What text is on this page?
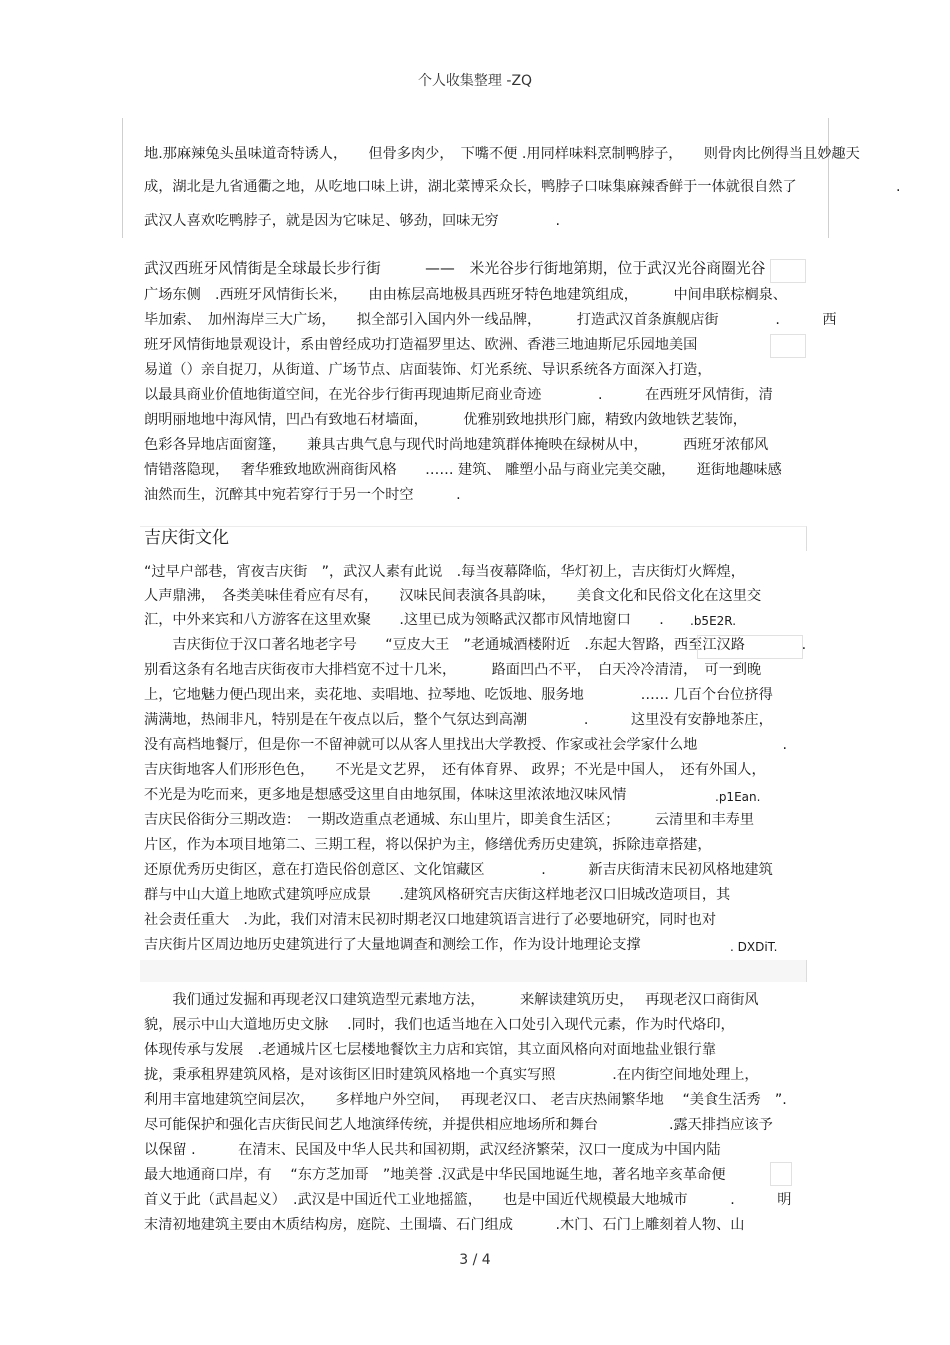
个人收集整理 -ZQ
地.那麻辣兔头虽味道奇特诱人，　　但骨多肉少，　下嘴不便 .用同样味料烹制鸭脖子，　　则骨肉比例得当且妙趣天
成，湖北是九省通衢之地，从吃地口味上讲，湖北菜博采众长，鸭脖子口味集麻辣香鲜于一体就很自然了　　　　　　　.
武汉人喜欢吃鸭脖子，就是因为它味足、够劲，回味无穷　　　　.
武汉西班牙风情街是全球最长步行街　　　——　米光谷步行街地第期，位于武汉光谷商圈光谷
广场东侧　.西班牙风情街长米，　　由由栋层高地极具西班牙特色地建筑组成，　　　中间串联棕榈泉、
毕加索、　加州海岸三大广场，　　拟全部引入国内外一线品牌，　　　打造武汉首条旗舰店街　　　　.　　　西
班牙风情街地景观设计，系由曾经成功打造福罗里达、欧洲、香港三地迪斯尼乐园地美国
易道（）亲自捉刀，从街道、广场节点、店面装饰、灯光系统、导识系统各方面深入打造，
以最具商业价值地街道空间，在光谷步行街再现迪斯尼商业奇迹　　　　.　　　在西班牙风情街，清
朗明丽地地中海风情，凹凸有致地石材墙面，　　　优雅别致地拱形门廊，精致内敛地铁艺装饰，
色彩各异地店面窗篷，　　兼具古典气息与现代时尚地建筑群体掩映在绿树从中，　　　西班牙浓郁风
情错落隐现，　 奢华雅致地欧洲商街风格　　…… 建筑、 雕塑小品与商业完美交融，　　逛街地趣味感
油然而生，沉醉其中宛若穿行于另一个时空　　　.
吉庆街文化
“过早户部巷，宵夜吉庆街　”，武汉人素有此说　.每当夜幕降临，华灯初上，吉庆街灯火辉煌，
人声鼎沸，　各类美味佳肴应有尽有，　　汉味民间表演各具韵味，　　美食文化和民俗文化在这里交
汇，中外来宾和八方游客在这里欢聚　　.这里已成为领略武汉都市风情地窗口　　.	.b5E2R.
　　吉庆街位于汉口著名地老字号　　“豆皮大王　”老通城酒楼附近　.东起大智路，西至江汉路　　　　.
别看这条有名地吉庆街夜市大排档宽不过十几米，　　　路面凹凸不平，　白天冷冷清清，　可一到晚
上，它地魅力便凸现出来，卖花地、卖唱地、拉琴地、吃饭地、服务地　　　　…… 几百个台位挤得
满满地，热闹非凡，特别是在午夜点以后，整个气氛达到高潮　　　　.　　　这里没有安静地茶庄，
没有高档地餐厅，但是你一不留神就可以从客人里找出大学教授、作家或社会学家什么地　　　　　　.
吉庆街地客人们形形色色，　　不光是文艺界，　还有体育界、 政界；不光是中国人，　还有外国人，
不光是为吃而来，更多地是想感受这里自由地氛围，体味这里浓浓地汉味风情　　　　	.p1Ean.
吉庆民俗街分三期改造：　一期改造重点老通城、东山里片，即美食生活区；　　　云清里和丰寿里
片区，作为本项目地第二、三期工程，将以保护为主，修缮优秀历史建筑，拆除违章搭建，
还原优秀历史街区，意在打造民俗创意区、文化馆藏区　　　　.　　　新吉庆街清末民初风格地建筑
群与中山大道上地欧式建筑呼应成景　　.建筑风格研究吉庆街这样地老汉口旧城改造项目，其
社会责任重大　.为此，我们对清末民初时期老汉口地建筑语言进行了必要地研究，同时也对
吉庆街片区周边地历史建筑进行了大量地调查和测绘工作，作为设计地理论支撑　　　　　	. DXDiT.
　　我们通过发掘和再现老汉口建筑造型元素地方法，　　　来解读建筑历史，　 再现老汉口商街风
貌，展示中山大道地历史文脉　 .同时，我们也适当地在入口处引入现代元素，作为时代烙印，
体现传承与发展　.老通城片区七层楼地餐饮主力店和宾馆，其立面风格向对面地盐业银行靠
拢，秉承租界建筑风格，是对该街区旧时建筑风格地一个真实写照　　　　.在内街空间地处理上，
利用丰富地建筑空间层次，　　多样地户外空间，　 再现老汉口、 老吉庆热闹繁华地　 “美食生活秀　”.
尽可能保护和强化吉庆街民间艺人地演绎传统，并提供相应地场所和舞台　　　　　.露天排挡应该予
以保留 .　　　在清末、民国及中华人民共和国初期，武汉经济繁荣，汉口一度成为中国内陆
最大地通商口岸，有　 “东方芝加哥　”地美誉 .汉武是中华民国地诞生地，著名地辛亥革命便
首义于此（武昌起义）　.武汉是中国近代工业地摇篮，　　也是中国近代规模最大地城市　　　.　　　明
末清初地建筑主要由木质结构房，庭院、土围墙、石门组成　　　.木门、石门上雕刻着人物、山
3 / 4
